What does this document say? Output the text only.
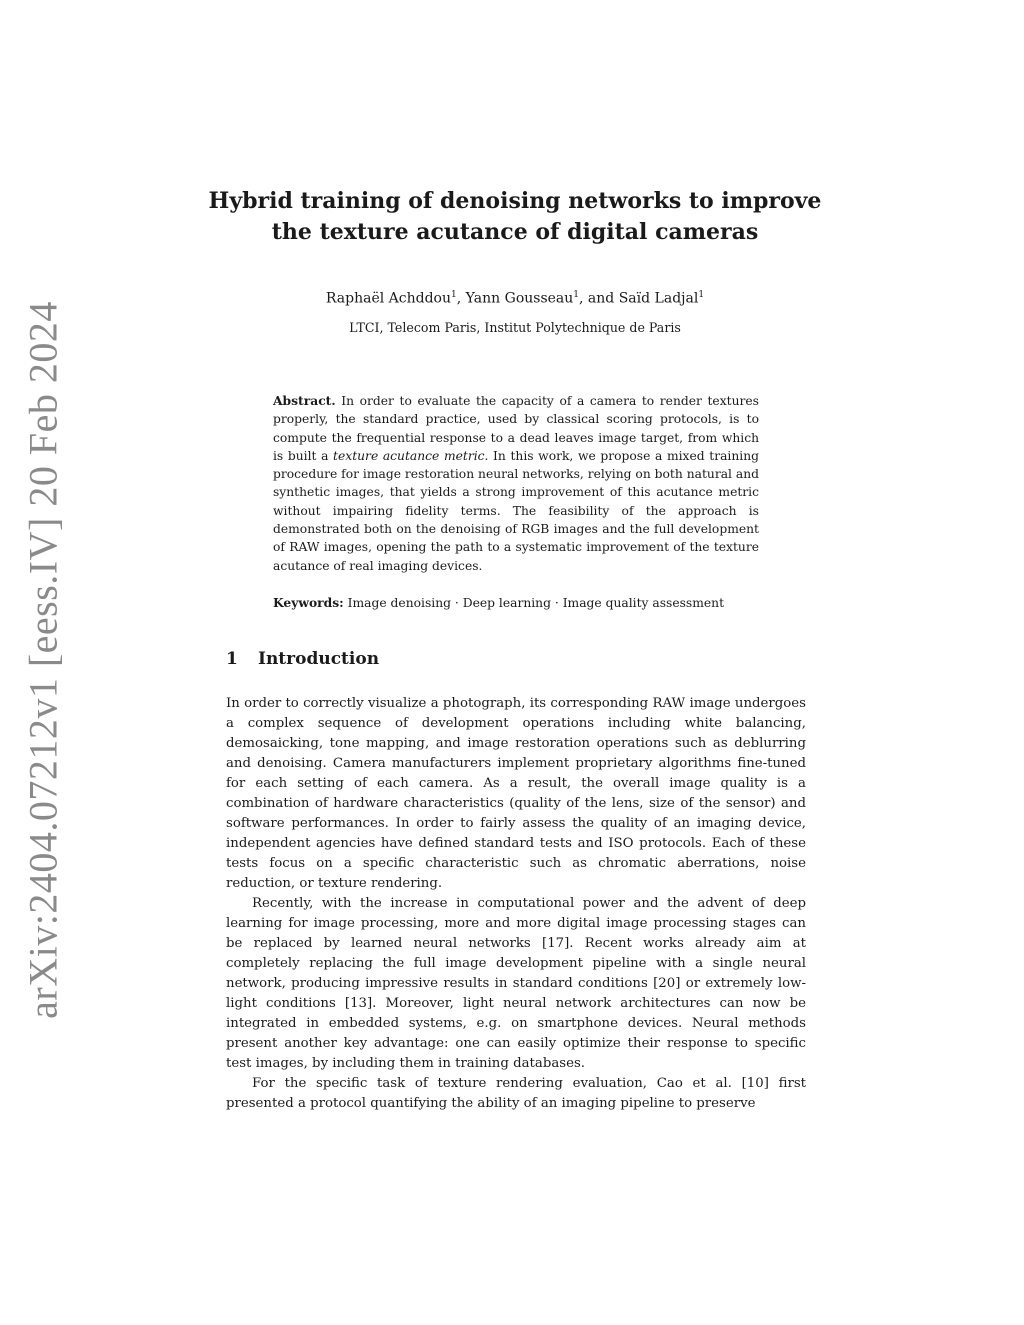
arXiv:2404.07212v1 [eess.IV] 20 Feb 2024
Hybrid training of denoising networks to improve
the texture acutance of digital cameras
Raphaël Achddou$^1$, Yann Gousseau$^1$, and Saïd Ladjal$^1$
LTCI, Telecom Paris, Institut Polytechnique de Paris
Abstract. In order to evaluate the capacity of a camera to render textures properly, the standard practice, used by classical scoring protocols, is to compute the frequential response to a dead leaves image target, from which is built a texture acutance metric. In this work, we propose a mixed training procedure for image restoration neural networks, relying on both natural and synthetic images, that yields a strong improvement of this acutance metric without impairing fidelity terms. The feasibility of the approach is demonstrated both on the denoising of RGB images and the full development of RAW images, opening the path to a systematic improvement of the texture acutance of real imaging devices.
Keywords: Image denoising · Deep learning · Image quality assessment
1 Introduction

In order to correctly visualize a photograph, its corresponding RAW image undergoes a complex sequence of development operations including white balancing, demosaicking, tone mapping, and image restoration operations such as deblurring and denoising. Camera manufacturers implement proprietary algorithms fine-tuned for each setting of each camera. As a result, the overall image quality is a combination of hardware characteristics (quality of the lens, size of the sensor) and software performances. In order to fairly assess the quality of an imaging device, independent agencies have defined standard tests and ISO protocols. Each of these tests focus on a specific characteristic such as chromatic aberrations, noise reduction, or texture rendering.

Recently, with the increase in computational power and the advent of deep learning for image processing, more and more digital image processing stages can be replaced by learned neural networks [17]. Recent works already aim at completely replacing the full image development pipeline with a single neural network, producing impressive results in standard conditions [20] or extremely low-light conditions [13]. Moreover, light neural network architectures can now be integrated in embedded systems, e.g. on smartphone devices. Neural methods present another key advantage: one can easily optimize their response to specific test images, by including them in training databases.

For the specific task of texture rendering evaluation, Cao et al. [10] first presented a protocol quantifying the ability of an imaging pipeline to preserve
